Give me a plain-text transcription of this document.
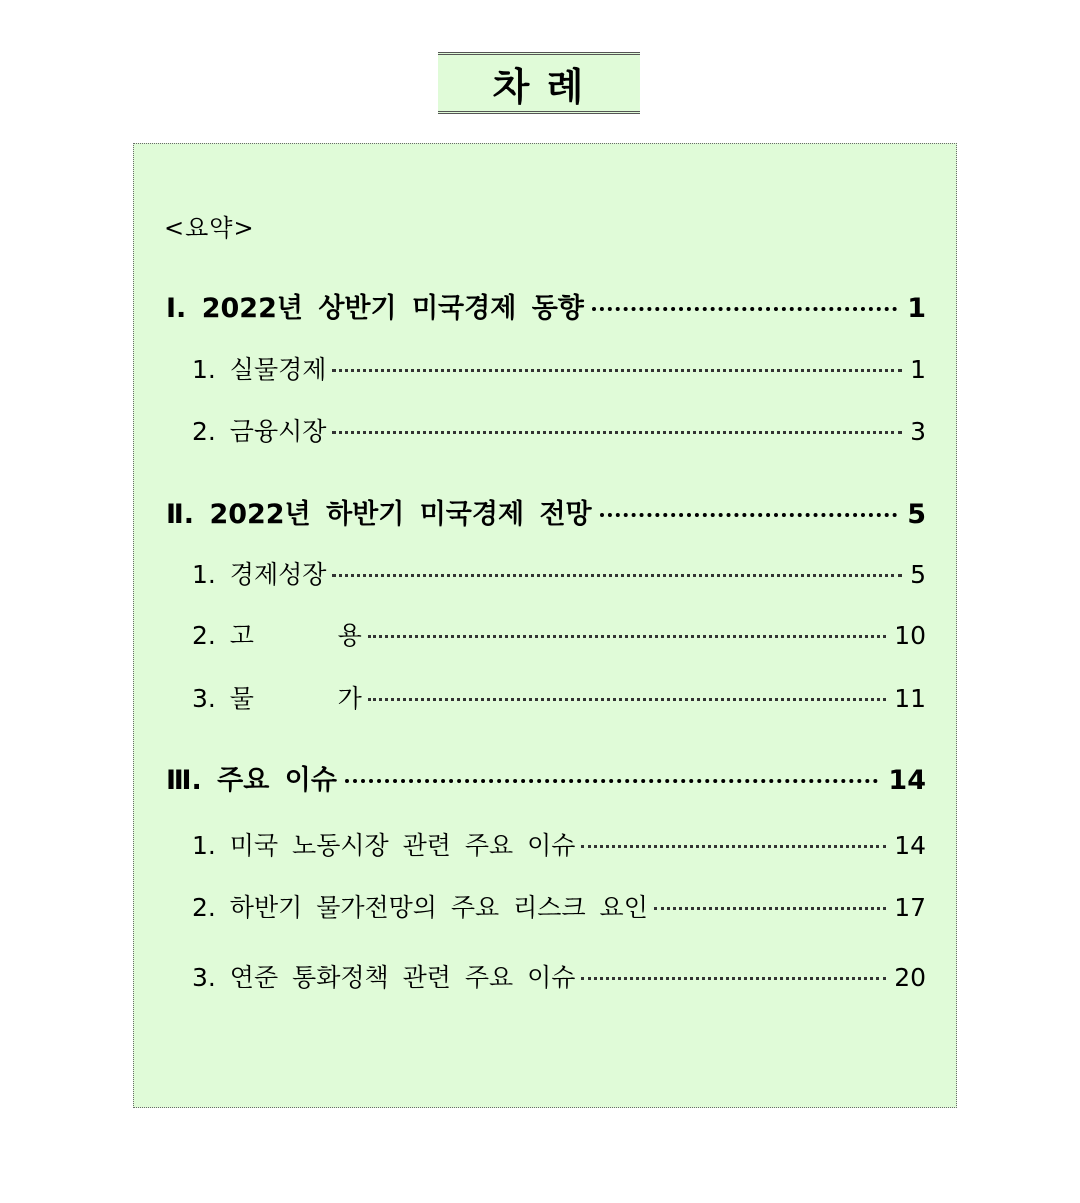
차 례
<요약>
Ⅰ. 2022년 상반기 미국경제 동향	1
1. 실물경제	1
2. 금융시장	3
Ⅱ. 2022년 하반기 미국경제 전망	5
1. 경제성장	5
2. 고      용	10
3. 물      가	11
Ⅲ. 주요 이슈	14
1. 미국 노동시장 관련 주요 이슈	14
2. 하반기 물가전망의 주요 리스크 요인	17
3. 연준 통화정책 관련 주요 이슈	20
